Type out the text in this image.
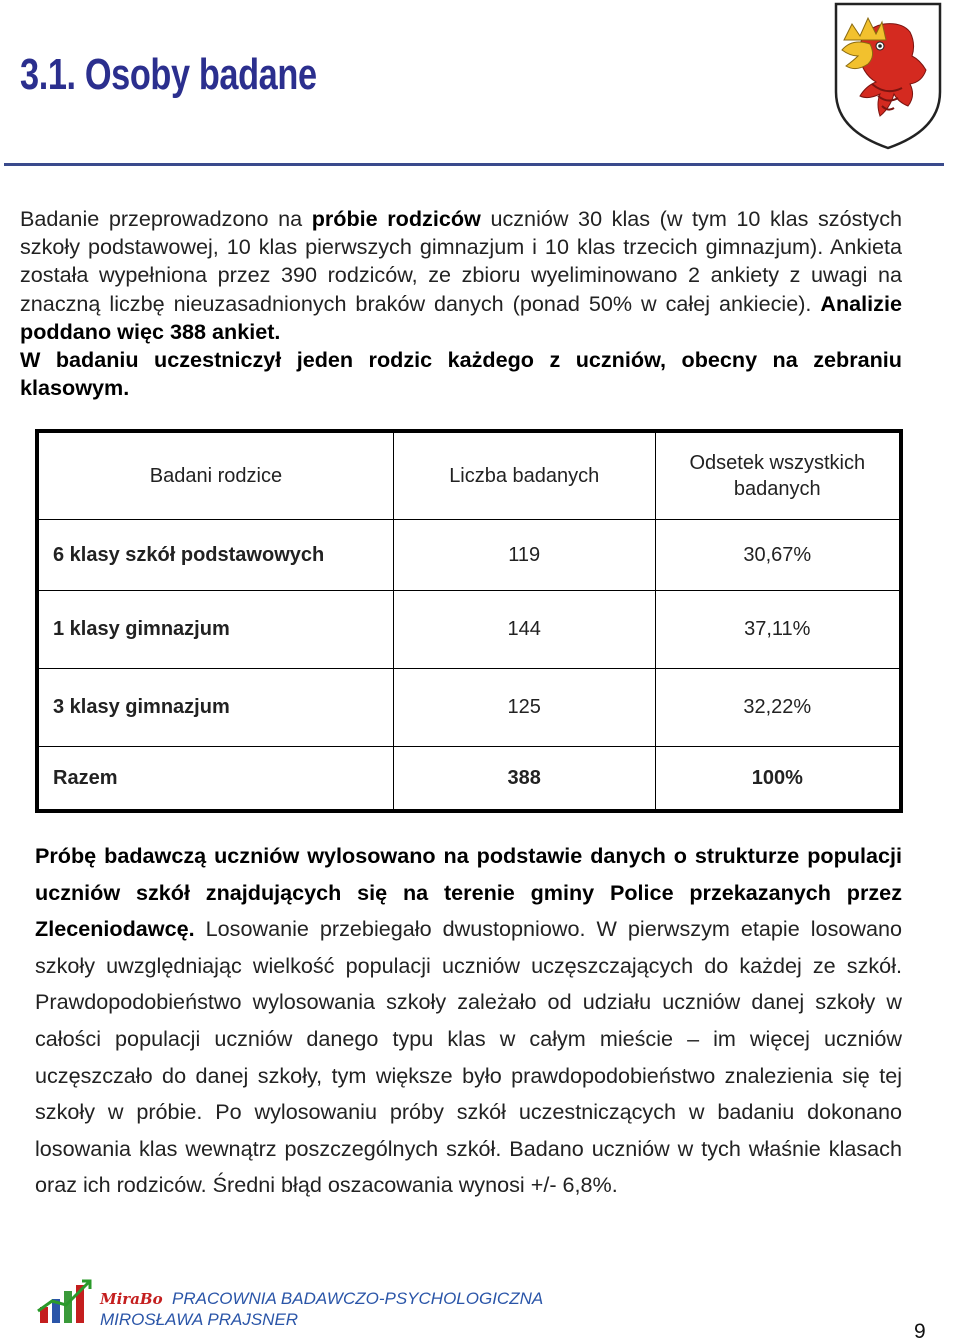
3.1. Osoby badane

Badanie przeprowadzono na próbie rodziców uczniów 30 klas (w tym 10 klas szóstych szkoły podstawowej, 10 klas pierwszych gimnazjum i 10 klas trzecich gimnazjum). Ankieta została wypełniona przez 390 rodziców, ze zbioru wyeliminowano 2 ankiety z uwagi na znaczną liczbę nieuzasadnionych braków danych (ponad 50% w całej ankiecie). Analizie poddano więc 388 ankiet.
W badaniu uczestniczył jeden rodzic każdego z uczniów, obecny na zebraniu klasowym.

Badani rodzice	Liczba badanych	Odsetek wszystkich badanych
6 klasy szkół podstawowych	119	30,67%
1 klasy gimnazjum	144	37,11%
3 klasy gimnazjum	125	32,22%
Razem	388	100%

Próbę badawczą uczniów wylosowano na podstawie danych o strukturze populacji uczniów szkół znajdujących się na terenie gminy Police przekazanych przez Zleceniodawcę. Losowanie przebiegało dwustopniowo. W pierwszym etapie losowano szkoły uwzględniając wielkość populacji uczniów uczęszczających do każdej ze szkół. Prawdopodobieństwo wylosowania szkoły zależało od udziału uczniów danej szkoły w całości populacji uczniów danego typu klas w całym mieście – im więcej uczniów uczęszczało do danej szkoły, tym większe było prawdopodobieństwo znalezienia się tej szkoły w próbie. Po wylosowaniu próby szkół uczestniczących w badaniu dokonano losowania klas wewnątrz poszczególnych szkół. Badano uczniów w tych właśnie klasach oraz ich rodziców. Średni błąd oszacowania wynosi +/- 6,8%.

MiraBo PRACOWNIA BADAWCZO-PSYCHOLOGICZNA
MIROSŁAWA PRAJSNER
9
